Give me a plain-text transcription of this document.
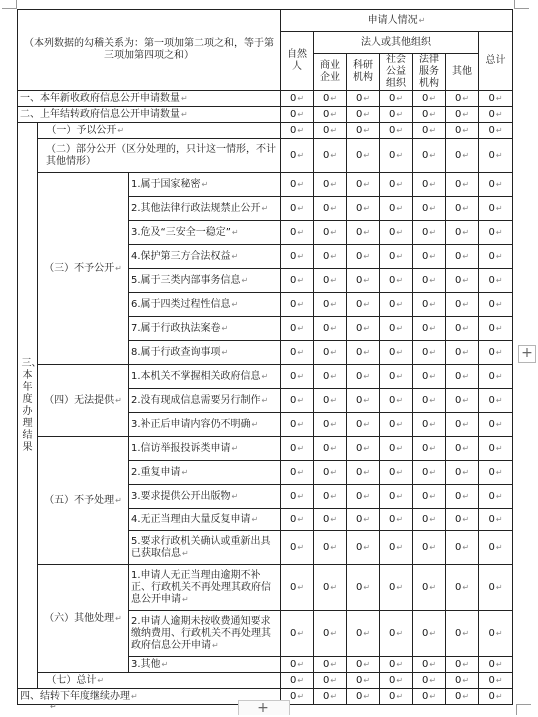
（本列数据的勾稽关系为：第一项加第二项之和，等于第三项加第四项之和）			申请人情况↵						
			自然人	法人或其他组织					总计
				商业企业	科研机构	社会公益组织	法律服务机构	其他	
一、本年新收政府信息公开申请数量↵			0↵	0↵	0↵	0↵	0↵	0↵	0↵
二、上年结转政府信息公开申请数量↵			0↵	0↵	0↵	0↵	0↵	0↵	0↵

三、本年度办理结果	（一）予以公开↵		0↵	0↵	0↵	0↵	0↵	0↵	0↵
	（二）部分公开（区分处理的，只计这一情形，不计其他情形）		0↵	0↵	0↵	0↵	0↵	0↵	0↵
	（三）不予公开↵	1.属于国家秘密↵	0↵	0↵	0↵	0↵	0↵	0↵	0↵
		2.其他法律行政法规禁止公开↵	0↵	0↵	0↵	0↵	0↵	0↵	0↵
		3.危及“三安全一稳定”↵	0↵	0↵	0↵	0↵	0↵	0↵	0↵
		4.保护第三方合法权益↵	0↵	0↵	0↵	0↵	0↵	0↵	0↵
		5.属于三类内部事务信息↵	0↵	0↵	0↵	0↵	0↵	0↵	0↵
		6.属于四类过程性信息↵	0↵	0↵	0↵	0↵	0↵	0↵	0↵
		7.属于行政执法案卷↵	0↵	0↵	0↵	0↵	0↵	0↵	0↵
		8.属于行政查询事项↵	0↵	0↵	0↵	0↵	0↵	0↵	0↵
	（四）无法提供↵	1.本机关不掌握相关政府信息↵	0↵	0↵	0↵	0↵	0↵	0↵	0↵
		2.没有现成信息需要另行制作↵	0↵	0↵	0↵	0↵	0↵	0↵	0↵
		3.补正后申请内容仍不明确↵	0↵	0↵	0↵	0↵	0↵	0↵	0↵
	（五）不予处理↵	1.信访举报投诉类申请↵	0↵	0↵	0↵	0↵	0↵	0↵	0↵
		2.重复申请↵	0↵	0↵	0↵	0↵	0↵	0↵	0↵
		3.要求提供公开出版物↵	0↵	0↵	0↵	0↵	0↵	0↵	0↵
		4.无正当理由大量反复申请↵	0↵	0↵	0↵	0↵	0↵	0↵	0↵
		5.要求行政机关确认或重新出具已获取信息↵	0↵	0↵	0↵	0↵	0↵	0↵	0↵
	（六）其他处理↵	1.申请人无正当理由逾期不补正、行政机关不再处理其政府信息公开申请↵	0↵	0↵	0↵	0↵	0↵	0↵	0↵
		2.申请人逾期未按收费通知要求缴纳费用、行政机关不再处理其政府信息公开申请↵	0↵	0↵	0↵	0↵	0↵	0↵	0↵
		3.其他↵	0↵	0↵	0↵	0↵	0↵	0↵	0↵
	（七）总计↵		0↵	0↵	0↵	0↵	0↵	0↵	0↵
四、结转下年度继续办理↵			0↵	0↵	0↵	0↵	0↵	0↵	0↵
+
+
↵
